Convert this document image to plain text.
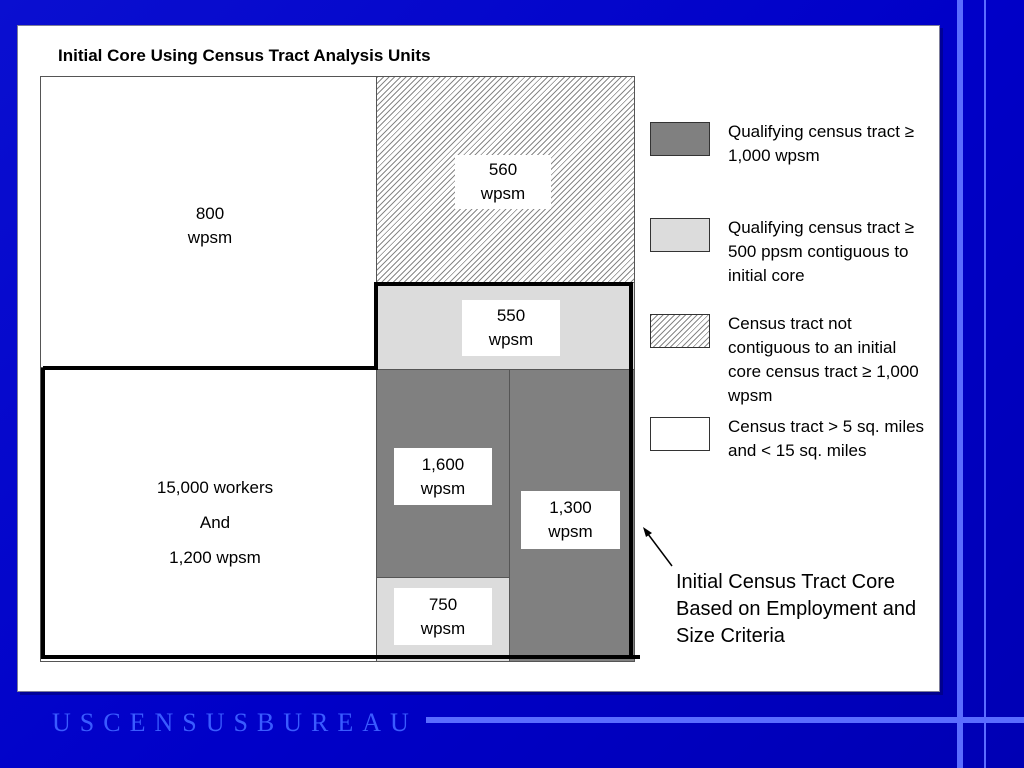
Initial Core Using Census Tract Analysis Units
800
wpsm
560
wpsm
550
wpsm
1,600
wpsm
1,300
wpsm
750
wpsm
15,000 workers
And
1,200 wpsm
Qualifying census tract ≥ 1,000 wpsm
Qualifying census tract ≥ 500 ppsm contiguous to initial core
Census tract not contiguous to an initial core census tract ≥ 1,000 wpsm
Census tract > 5 sq. miles and < 15 sq. miles
Initial Census Tract Core Based on Employment and Size Criteria
USCENSUSBUREAU
